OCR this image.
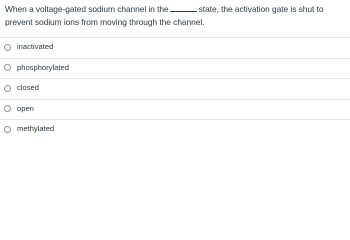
When a voltage-gated sodium channel in the	state, the activation gate is shut to prevent sodium ions from moving through the channel.
inactivated
phosphorylated
closed
open
methylated
